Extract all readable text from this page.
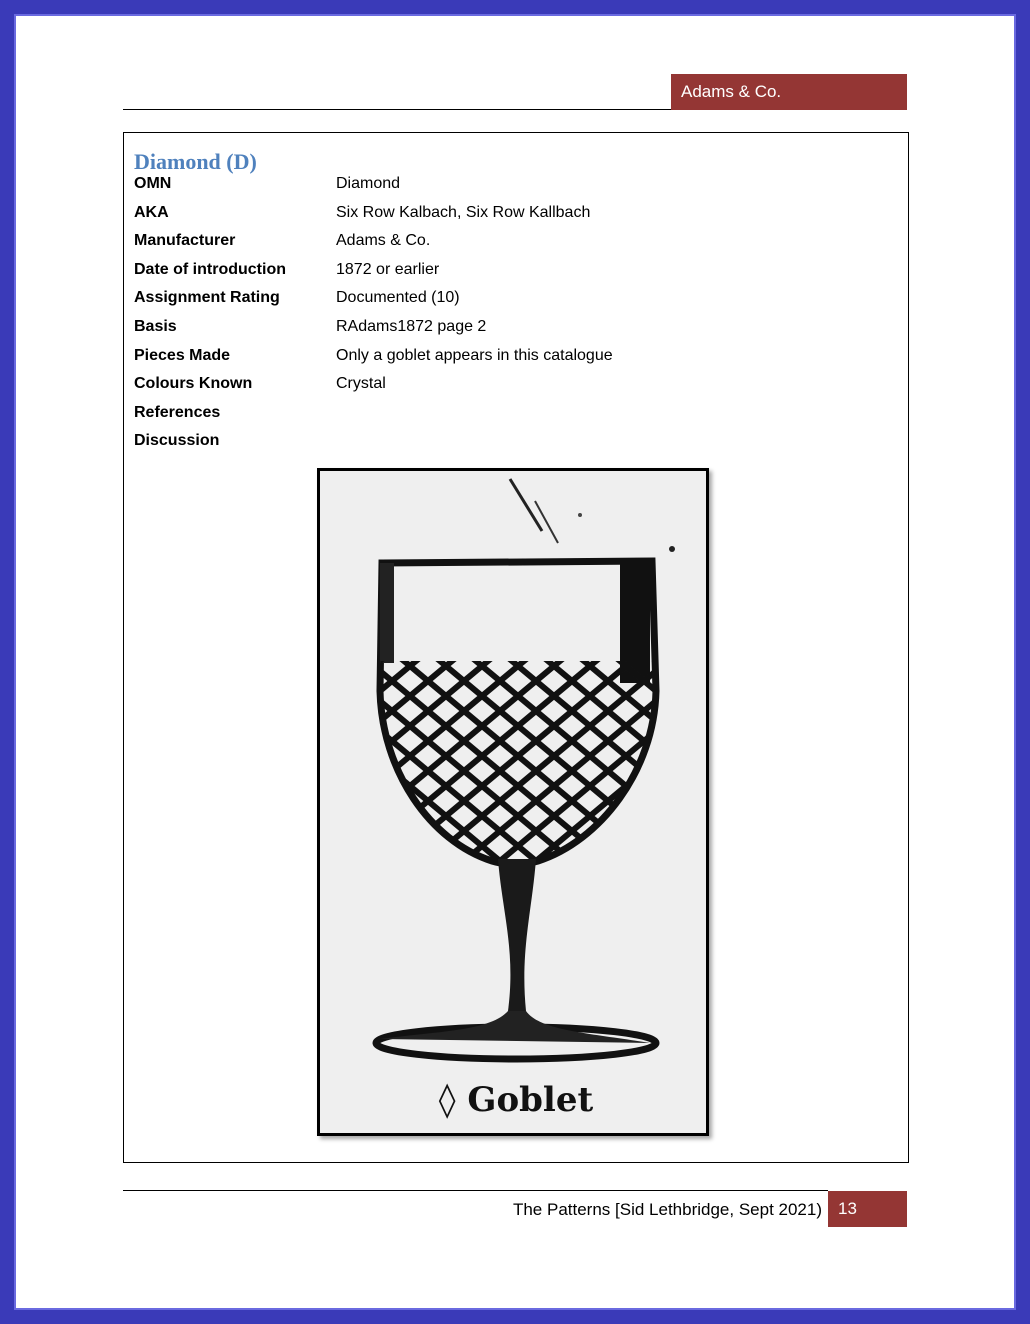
Adams & Co.
Diamond (D)
OMN	Diamond
AKA	Six Row Kalbach, Six Row Kallbach
Manufacturer	Adams & Co.
Date of introduction	1872 or earlier
Assignment Rating	Documented (10)
Basis	RAdams1872 page 2
Pieces Made	Only a goblet appears in this catalogue
Colours Known	Crystal
References
Discussion
◊ Goblet
The Patterns [Sid Lethbridge, Sept 2021) 13
